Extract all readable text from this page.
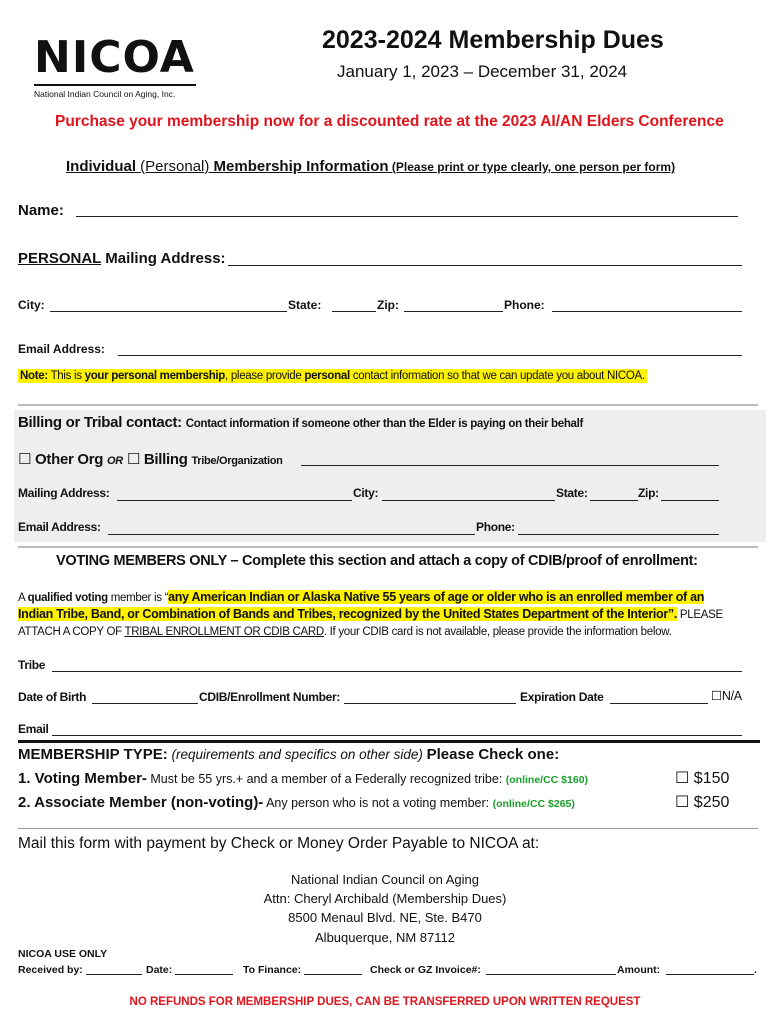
NICOA
National Indian Council on Aging, Inc.
2023-2024 Membership Dues
January 1, 2023 – December 31, 2024
Purchase your membership now for a discounted rate at the 2023 AI/AN Elders Conference
Individual (Personal) Membership Information (Please print or type clearly, one person per form)
Name:
PERSONAL Mailing Address:
City:	State:	Zip:	Phone:
Email Address:
Note: This is your personal membership, please provide personal contact information so that we can update you about NICOA.
Billing or Tribal contact: Contact information if someone other than the Elder is paying on their behalf
☐ Other Org OR ☐ Billing Tribe/Organization
Mailing Address:	City:	State:	Zip:
Email Address:	Phone:
VOTING MEMBERS ONLY – Complete this section and attach a copy of CDIB/proof of enrollment:
A qualified voting member is “any American Indian or Alaska Native 55 years of age or older who is an enrolled member of an
Indian Tribe, Band, or Combination of Bands and Tribes, recognized by the United States Department of the Interior”. PLEASE
ATTACH A COPY OF TRIBAL ENROLLMENT OR CDIB CARD. If your CDIB card is not available, please provide the information below.
Tribe
Date of Birth	CDIB/Enrollment Number:	Expiration Date	☐N/A
Email
MEMBERSHIP TYPE: (requirements and specifics on other side) Please Check one:
1. Voting Member- Must be 55 yrs.+ and a member of a Federally recognized tribe: (online/CC $160)	☐ $150
2. Associate Member (non-voting)- Any person who is not a voting member: (online/CC $265)	☐ $250
Mail this form with payment by Check or Money Order Payable to NICOA at:
National Indian Council on Aging
Attn: Cheryl Archibald (Membership Dues)
8500 Menaul Blvd. NE, Ste. B470
Albuquerque, NM 87112
NICOA USE ONLY
Received by:	Date:	To Finance:	Check or GZ Invoice#:	Amount:	.
NO REFUNDS FOR MEMBERSHIP DUES, CAN BE TRANSFERRED UPON WRITTEN REQUEST
